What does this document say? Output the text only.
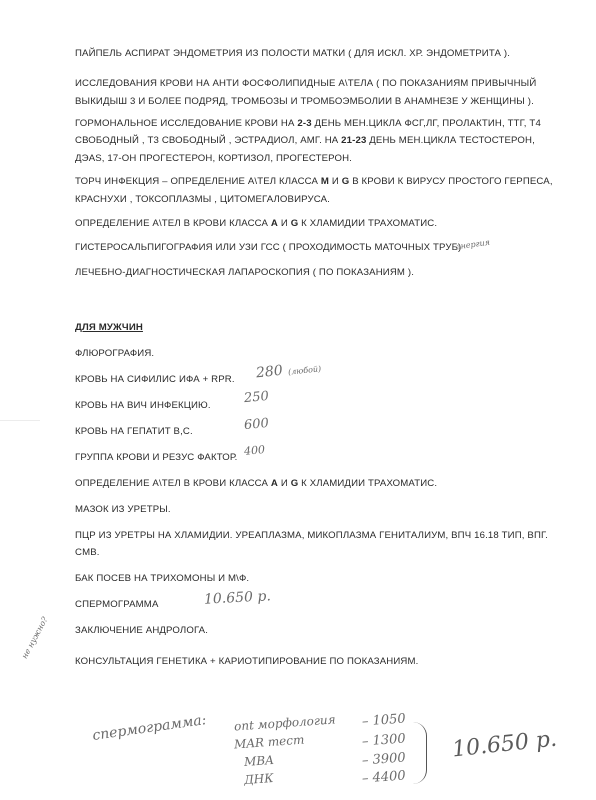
ПАЙПЕЛЬ АСПИРАТ ЭНДОМЕТРИЯ ИЗ ПОЛОСТИ МАТКИ ( ДЛЯ ИСКЛ. ХР. ЭНДОМЕТРИТА ).
ИССЛЕДОВАНИЯ КРОВИ НА АНТИ ФОСФОЛИПИДНЫЕ А\ТЕЛА ( ПО ПОКАЗАНИЯМ ПРИВЫЧНЫЙ
ВЫКИДЫШ 3 И БОЛЕЕ ПОДРЯД, ТРОМБОЗЫ И ТРОМБОЭМБОЛИИ В АНАМНЕЗЕ У ЖЕНЩИНЫ ).
ГОРМОНАЛЬНОЕ ИССЛЕДОВАНИЕ КРОВИ НА 2-3 ДЕНЬ МЕН.ЦИКЛА ФСГ,ЛГ, ПРОЛАКТИН, ТТГ, Т4
СВОБОДНЫЙ , Т3 СВОБОДНЫЙ , ЭСТРАДИОЛ, АМГ. НА 21-23 ДЕНЬ МЕН.ЦИКЛА ТЕСТОСТЕРОН,
ДЭАS, 17-ОН ПРОГЕСТЕРОН, КОРТИЗОЛ, ПРОГЕСТЕРОН.
ТОРЧ ИНФЕКЦИЯ – ОПРЕДЕЛЕНИЕ А\ТЕЛ КЛАССА М И G В КРОВИ К ВИРУСУ ПРОСТОГО ГЕРПЕСА,
КРАСНУХИ , ТОКСОПЛАЗМЫ , ЦИТОМЕГАЛОВИРУСА.
ОПРЕДЕЛЕНИЕ А\ТЕЛ В КРОВИ КЛАССА А И G К ХЛАМИДИИ ТРАХОМАТИС.
ГИСТЕРОСАЛЬПИГОГРАФИЯ ИЛИ УЗИ ГСС ( ПРОХОДИМОСТЬ МАТОЧНЫХ ТРУБ)
энергия
ЛЕЧЕБНО-ДИАГНОСТИЧЕСКАЯ ЛАПАРОСКОПИЯ ( ПО ПОКАЗАНИЯМ ).
ДЛЯ МУЖЧИН
ФЛЮРОГРАФИЯ.
КРОВЬ НА СИФИЛИС ИФА + RPR.	280 (любой)
КРОВЬ НА ВИЧ ИНФЕКЦИЮ.	250
КРОВЬ НА ГЕПАТИТ В,С.	600
ГРУППА КРОВИ И РЕЗУС ФАКТОР. 400
ОПРЕДЕЛЕНИЕ А\ТЕЛ В КРОВИ КЛАССА А И G К ХЛАМИДИИ ТРАХОМАТИС.
МАЗОК ИЗ УРЕТРЫ.
ПЦР ИЗ УРЕТРЫ НА ХЛАМИДИИ. УРЕАПЛАЗМА, МИКОПЛАЗМА ГЕНИТАЛИУМ, ВПЧ 16.18 ТИП, ВПГ.
CMB.
БАК ПОСЕВ НА ТРИХОМОНЫ И М\Ф.
СПЕРМОГРАММА	10.650 р.
ЗАКЛЮЧЕНИЕ АНДРОЛОГА.
КОНСУЛЬТАЦИЯ ГЕНЕТИКА + КАРИОТИПИРОВАНИЕ ПО ПОКАЗАНИЯМ.
не нужно?
спермограмма: ont морфология – 1050
MAR тест	– 1300
MBA	– 3900
ДНК	– 4400
10.650 р.
